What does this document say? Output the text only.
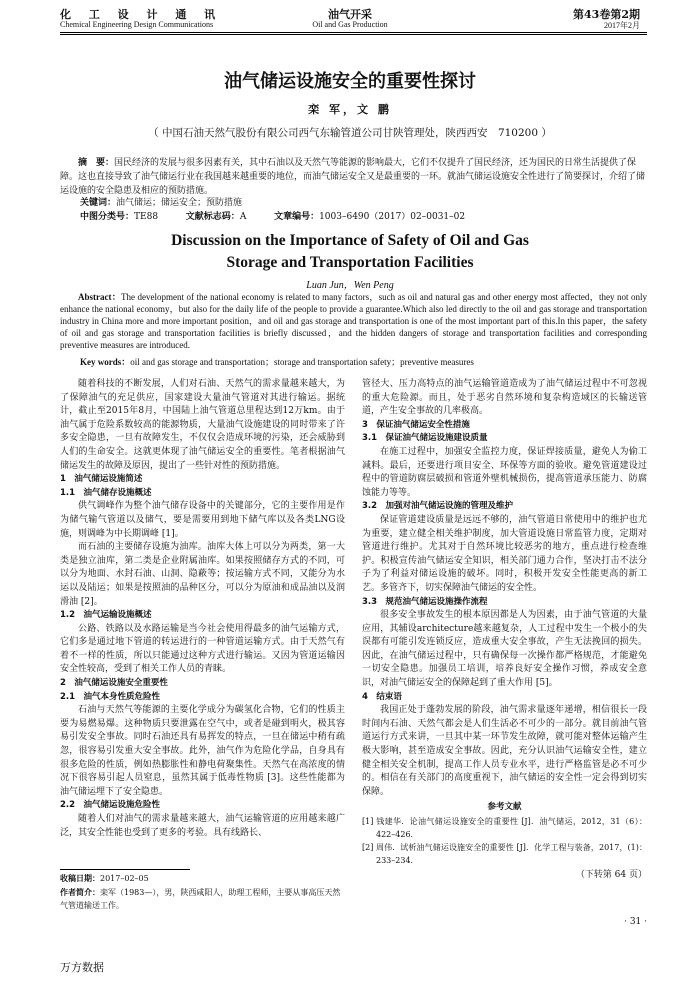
化 工 设 计 通 讯
Chemical Engineering Design Communications
油气开采
Oil and Gas Production
第43卷第2期
2017年2月
油气储运设施安全的重要性探讨
栾 军，文 鹏
（ 中国石油天然气股份有限公司西气东输管道公司甘陕管理处，陕西西安　710200 ）
摘　要：国民经济的发展与很多因素有关，其中石油以及天然气等能源的影响最大，它们不仅提升了国民经济，还为国民的日常生活提供了保障。这也直接导致了油气储运行业在我国越来越重要的地位，而油气储运安全又是最重要的一环。就油气储运设施安全性进行了简要探讨，介绍了储运设施的安全隐患及相应的预防措施。
关键词：油气储运；储运安全；预防措施
中图分类号：TE88	文献标志码：A	文章编号：1003–6490（2017）02–0031–02
Discussion on the Importance of Safety of Oil and Gas
Storage and Transportation Facilities
Luan Jun，Wen Peng
Abstract：The development of the national economy is related to many factors，such as oil and natural gas and other energy most affected，they not only enhance the national economy，but also for the daily life of the people to provide a guarantee.Which also led directly to the oil and gas storage and transportation industry in China more and more important position，and oil and gas storage and transportation is one of the most important part of this.In this paper，the safety of oil and gas storage and transportation facilities is briefly discussed，and the hidden dangers of storage and transportation facilities and corresponding preventive measures are introduced.
Key words：oil and gas storage and transportation；storage and transportation safety；preventive measures

随着科技的不断发展，人们对石油、天然气的需求量越来越大，为了保障油气的充足供应，国家建设大量油气管道对其进行输运。据统计，截止至2015年8月，中国陆上油气管道总里程达到12万km。由于油气属于危险系数较高的能源物质，大量油气设施建设的同时带来了许多安全隐患，一旦有故障发生，不仅仅会造成环境的污染，还会威胁到人们的生命安全。这就更体现了油气储运安全的重要性。笔者根据油气储运发生的故障及原因，提出了一些针对性的预防措施。

1　油气储运设施简述
1.1　油气储存设施概述

供气调峰作为整个油气储存设备中的关键部分，它的主要作用是作为储气输气管道以及储气，要是需要用到地下储气库以及各类LNG设施，则调峰为中长期调峰 [1]。

而石油的主要储存设施为油库。油库大体上可以分为两类，第一大类是独立油库，第二类是企业附属油库。如果按照储存方式的不同，可以分为地面、水封石油、山洞、隐蔽等；按运输方式不同，又能分为水运以及陆运；如果是按照油的品种区分，可以分为原油和成品油以及润滑油 [2]。

1.2　油气运输设施概述

公路、铁路以及水路运输是当今社会使用得最多的油气运输方式，它们多是通过地下管道的转运进行的一种管道运输方式。由于天然气有着不一样的性质，所以只能通过这种方式进行输运。又因为管道运输因安全性较高，受到了相关工作人员的青睐。

2　油气储运设施安全重要性
2.1　油气本身性质危险性

石油与天然气等能源的主要化学成分为碳氢化合物，它们的性质主要为易燃易爆。这种物质只要泄露在空气中，或者是碰到明火，极其容易引发安全事故。同时石油还具有易挥发的特点，一旦在储运中稍有疏忽，很容易引发重大安全事故。此外，油气作为危险化学品，自身具有很多危险的性质，例如热膨胀性和静电荷聚集性。天然气在高浓度的情况下很容易引起人员窒息，虽然其属于低毒性物质 [3]。这些性能都为油气储运埋下了安全隐患。

2.2　油气储运设施危险性

随着人们对油气的需求量越来越大，油气运输管道的应用越来越广泛，其安全性能也受到了更多的考验。具有线路长、

管径大、压力高特点的油气运输管道造成为了油气储运过程中不可忽视的重大危险源。而且，处于恶劣自然环境和复杂构造域区的长输送管道，产生安全事故的几率极高。

3　保证油气储运安全性措施
3.1　保证油气储运设施建设质量

在施工过程中，加强安全监控力度，保证焊接质量，避免人为偷工减料。最后，还要进行项目安全、环保等方面的验收。避免管道建设过程中的管道防腐层破损和管道外壁机械损伤，提高管道承压能力、防腐蚀能力等等。

3.2　加强对油气储运设施的管理及维护

保证管道建设质量是远远不够的，油气管道日常使用中的维护也尤为重要，建立健全相关维护制度，加大管道设施日常监管力度，定期对管道进行维护。尤其对于自然环境比较恶劣的地方，重点进行检查维护。积极宣传油气储运安全知识，相关部门通力合作，坚决打击不法分子为了利益对储运设施的破坏。同时，积极开发安全性能更高的新工艺。多管齐下，切实保障油气储运的安全性。

3.3　规范油气储运设施操作流程

很多安全事故发生的根本原因都是人为因素，由于油气管道的大量应用，其辅设architecture越来越复杂，人工过程中发生一个极小的失误都有可能引发连锁反应，造成重大安全事故，产生无法挽回的损失。因此，在油气储运过程中，只有确保每一次操作都严格规范，才能避免一切安全隐患。加强员工培训，培养良好安全操作习惯，养成安全意识，对油气储运安全的保障起到了重大作用 [5]。

4　结束语

我国正处于蓬勃发展的阶段，油气需求量逐年递增，相信很长一段时间内石油、天然气都会是人们生活必不可少的一部分。就目前油气管道运行方式来讲，一旦其中某一环节发生故障，就可能对整体运输产生极大影响，甚至造成安全事故。因此，充分认识油气运输安全性，建立健全相关安全机制，提高工作人员专业水平，进行严格监管是必不可少的。相信在有关部门的高度重视下，油气储运的安全性一定会得到切实保障。

参考文献
[1] 钱建华．论油气储运设施安全的重要性 [J]．油气储运，2012，31（6）：422–426．
[2] 周伟．试析油气储运设施安全的重要性 [J]．化学工程与装备，2017，(1)：233–234．
（下转第 64 页）
收稿日期：2017–02–05
作者简介：栾军（1983—），男，陕西咸阳人，助理工程师，主要从事高压天然气管道输送工作。
· 31 ·
万方数据
